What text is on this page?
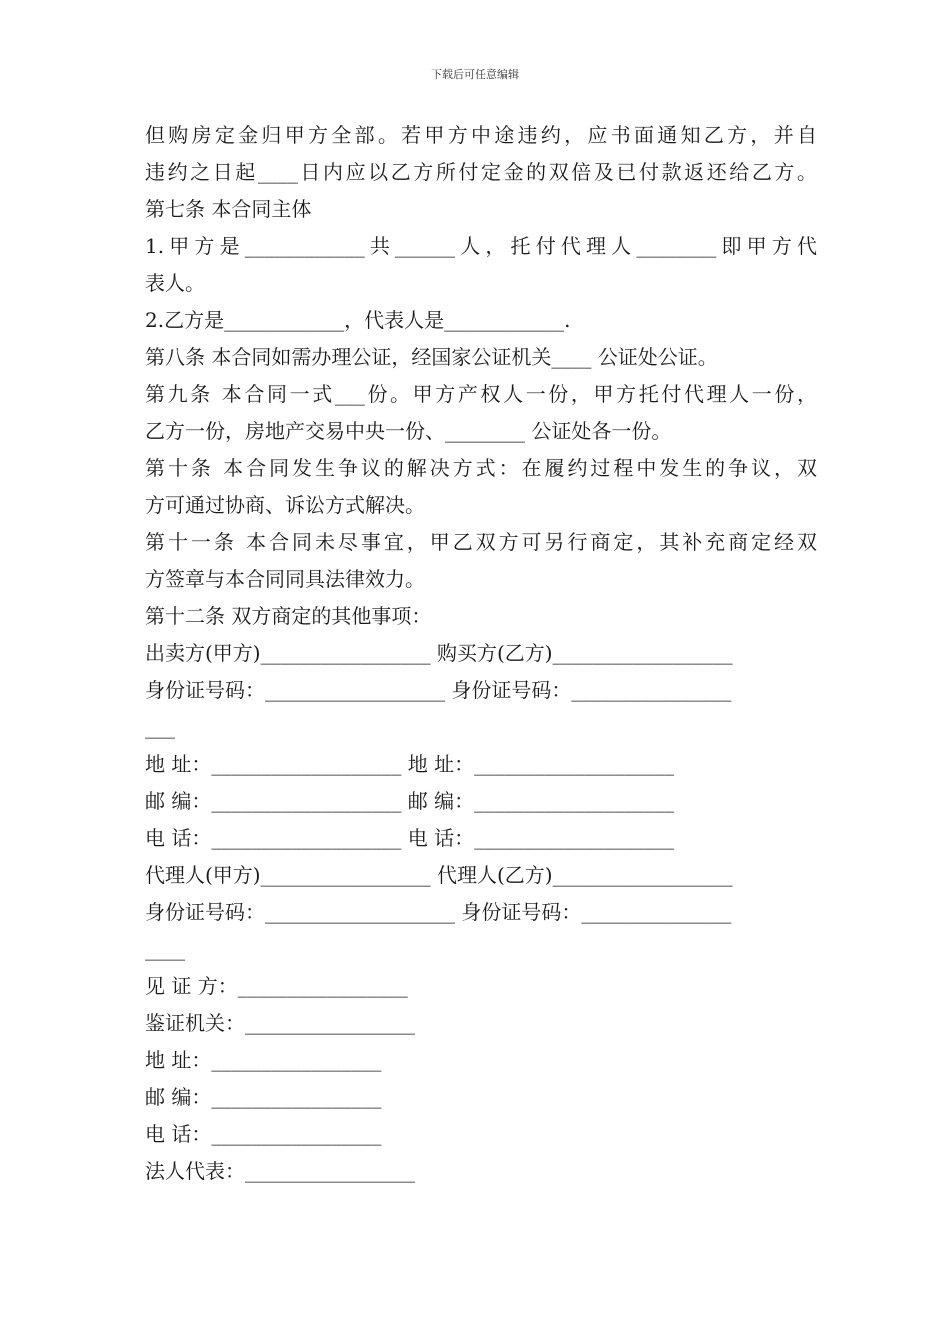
下载后可任意编辑
但购房定金归甲方全部。若甲方中途违约，应书面通知乙方，并自
违约之日起____日内应以乙方所付定金的双倍及已付款返还给乙方。
第七条 本合同主体
1.甲方是____________共______人，托付代理人________即甲方代
表人。
2.乙方是____________，代表人是____________.
第八条 本合同如需办理公证，经国家公证机关____ 公证处公证。
第九条 本合同一式___份。甲方产权人一份，甲方托付代理人一份，
乙方一份，房地产交易中央一份、________ 公证处各一份。
第十条 本合同发生争议的解决方式：在履约过程中发生的争议，双
方可通过协商、诉讼方式解决。
第十一条 本合同未尽事宜，甲乙双方可另行商定，其补充商定经双
方签章与本合同同具法律效力。
第十二条 双方商定的其他事项：
出卖方(甲方)_________________ 购买方(乙方)__________________
身份证号码：__________________ 身份证号码：________________
___
地 址：___________________ 地 址：____________________
邮 编：___________________ 邮 编：____________________
电 话：___________________ 电 话：____________________
代理人(甲方)_________________ 代理人(乙方)__________________
身份证号码：___________________ 身份证号码：_______________
____
见 证 方：_________________
鉴证机关：_________________
地 址：_________________
邮 编：_________________
电 话：_________________
法人代表：_________________
